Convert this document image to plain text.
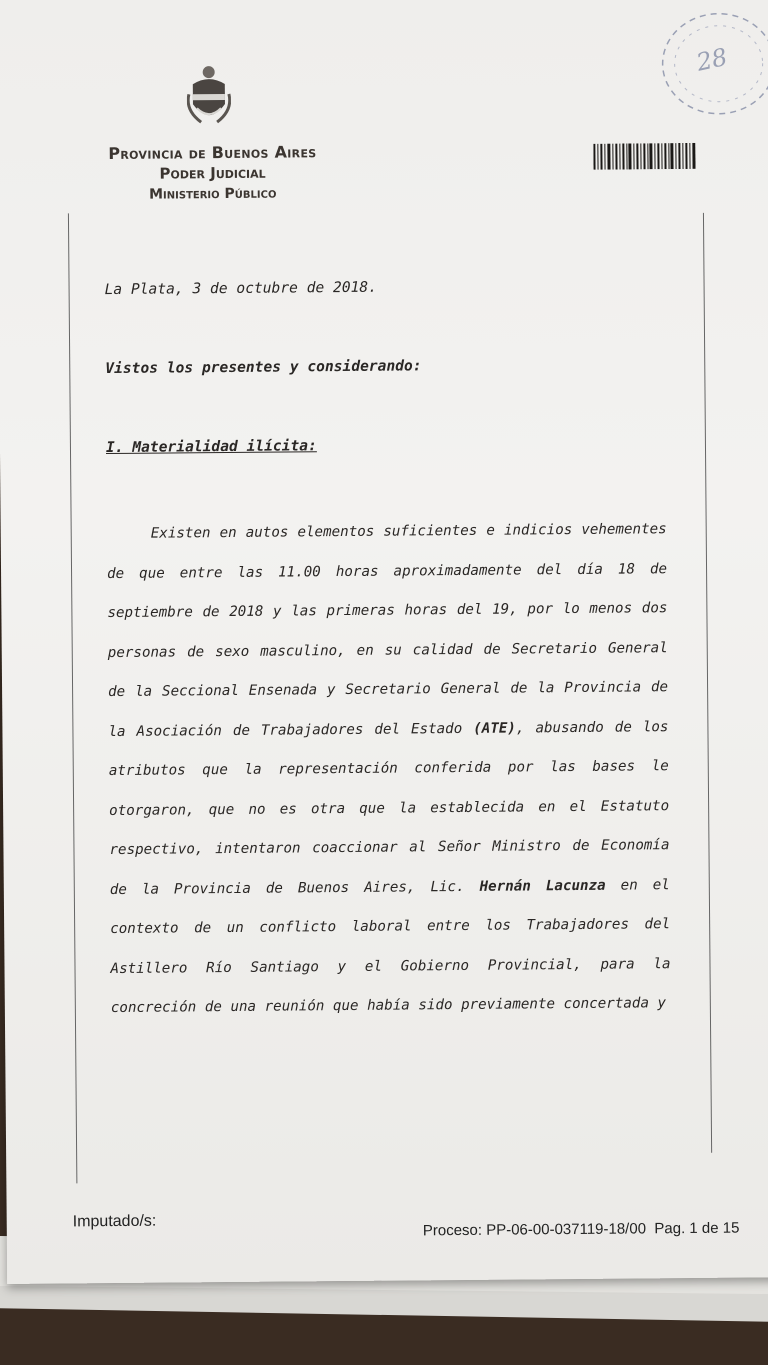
Provincia de Buenos Aires
Poder Judicial
Ministerio Público
28
La Plata, 3 de octubre de 2018.
Vistos los presentes y considerando:
I. Materialidad ilícita:
Existen en autos elementos suficientes e indicios vehementes de que entre las 11.00 horas aproximadamente del día 18 de septiembre de 2018 y las primeras horas del 19, por lo menos dos personas de sexo masculino, en su calidad de Secretario General de la Seccional Ensenada y Secretario General de la Provincia de la Asociación de Trabajadores del Estado (ATE), abusando de los atributos que la representación conferida por las bases le otorgaron, que no es otra que la establecida en el Estatuto respectivo, intentaron coaccionar al Señor Ministro de Economía de la Provincia de Buenos Aires, Lic. Hernán Lacunza en el contexto de un conflicto laboral entre los Trabajadores del Astillero Río Santiago y el Gobierno Provincial, para la concreción de una reunión que había sido previamente concertada y
Imputado/s:	Proceso: PP-06-00-037119-18/00 Pag. 1 de 15
